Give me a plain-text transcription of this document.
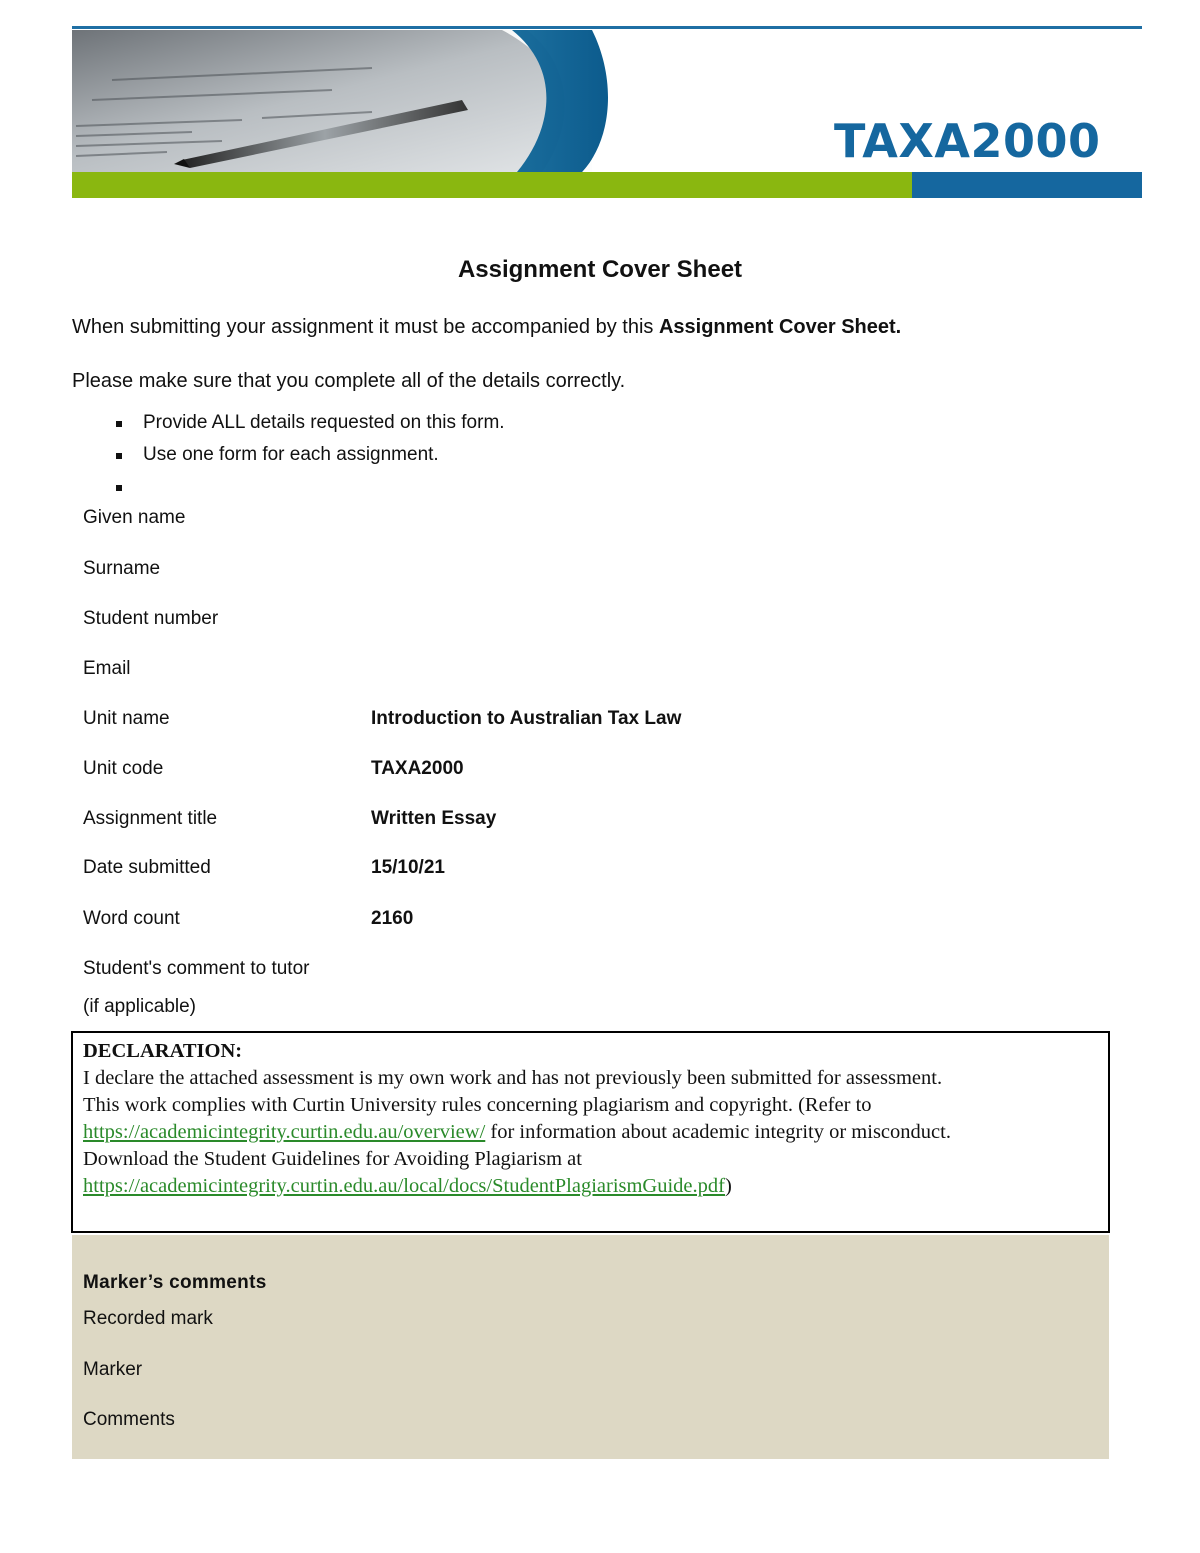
TAXA2000
Assignment Cover Sheet
When submitting your assignment it must be accompanied by this Assignment Cover Sheet.
Please make sure that you complete all of the details correctly.
Provide ALL details requested on this form.
Use one form for each assignment.
Given name
Surname
Student number
Email
Unit name	Introduction to Australian Tax Law
Unit code	TAXA2000
Assignment title	Written Essay
Date submitted	15/10/21
Word count	2160
Student's comment to tutor
(if applicable)
DECLARATION:
I declare the attached assessment is my own work and has not previously been submitted for assessment.
This work complies with Curtin University rules concerning plagiarism and copyright. (Refer to
https://academicintegrity.curtin.edu.au/overview/ for information about academic integrity or misconduct.
Download the Student Guidelines for Avoiding Plagiarism at
https://academicintegrity.curtin.edu.au/local/docs/StudentPlagiarismGuide.pdf)
Marker’s comments
Recorded mark
Marker
Comments
